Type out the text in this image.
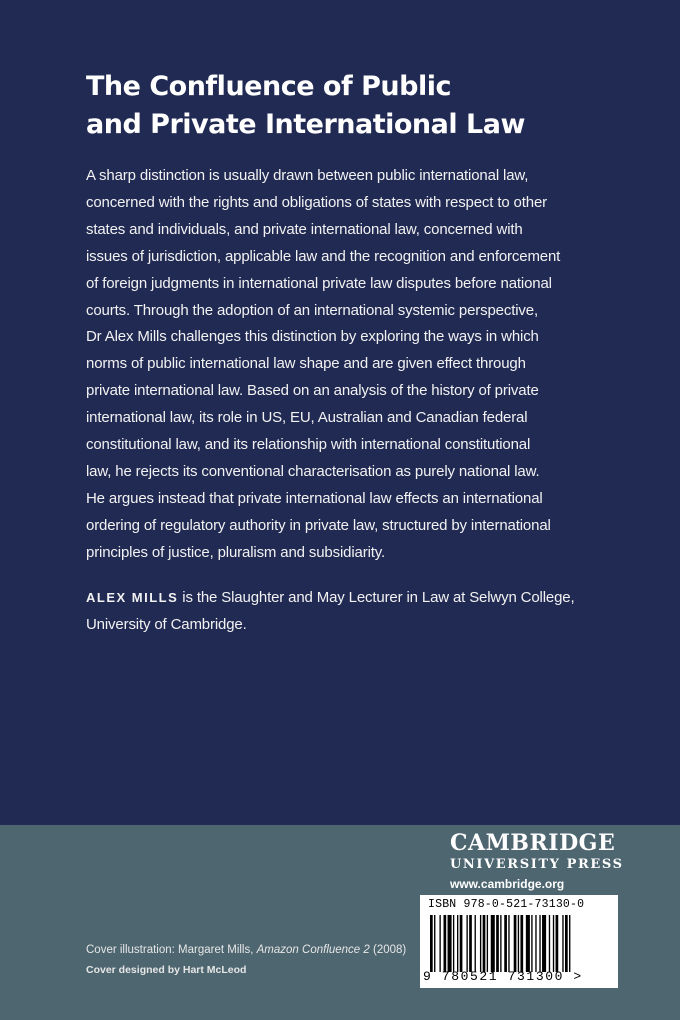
The Confluence of Public
and Private International Law
A sharp distinction is usually drawn between public international law,
concerned with the rights and obligations of states with respect to other
states and individuals, and private international law, concerned with
issues of jurisdiction, applicable law and the recognition and enforcement
of foreign judgments in international private law disputes before national
courts. Through the adoption of an international systemic perspective,
Dr Alex Mills challenges this distinction by exploring the ways in which
norms of public international law shape and are given effect through
private international law. Based on an analysis of the history of private
international law, its role in US, EU, Australian and Canadian federal
constitutional law, and its relationship with international constitutional
law, he rejects its conventional characterisation as purely national law.
He argues instead that private international law effects an international
ordering of regulatory authority in private law, structured by international
principles of justice, pluralism and subsidiarity.
ALEX MILLS is the Slaughter and May Lecturer in Law at Selwyn College,
University of Cambridge.
Cover illustration: Margaret Mills, Amazon Confluence 2 (2008)
Cover designed by Hart McLeod
CAMBRIDGE
UNIVERSITY PRESS
www.cambridge.org
ISBN 978-0-521-73130-0
9 780521 731300 >
